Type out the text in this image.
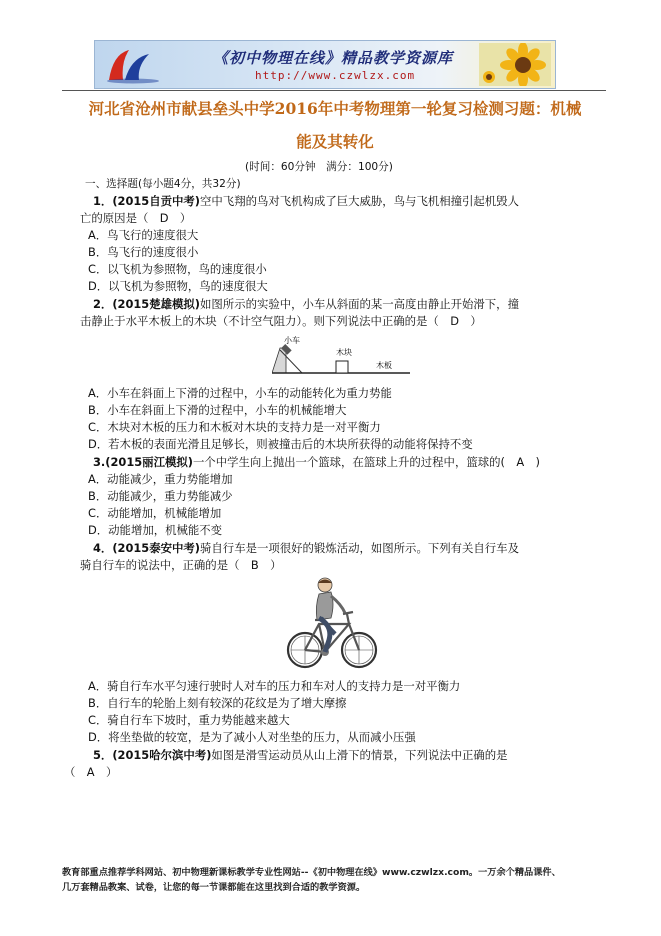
《初中物理在线》精品教学资源库
http://www.czwlzx.com
河北省沧州市献县垒头中学2016年中考物理第一轮复习检测习题：机械
能及其转化
(时间：60分钟　满分：100分)
一、选择题(每小题4分，共32分)
1．(2015自贡中考)空中飞翔的鸟对飞机构成了巨大威胁，鸟与飞机相撞引起机毁人
亡的原因是（　D　）
A．鸟飞行的速度很大
B．鸟飞行的速度很小
C．以飞机为参照物，鸟的速度很小
D．以飞机为参照物，鸟的速度很大
2．(2015楚雄模拟)如图所示的实验中，小车从斜面的某一高度由静止开始滑下，撞
击静止于水平木板上的木块（不计空气阻力）。则下列说法中正确的是（　D　）
小车
木块
木板
A．小车在斜面上下滑的过程中，小车的动能转化为重力势能
B．小车在斜面上下滑的过程中，小车的机械能增大
C．木块对木板的压力和木板对木块的支持力是一对平衡力
D．若木板的表面光滑且足够长，则被撞击后的木块所获得的动能将保持不变
3.(2015丽江模拟)一个中学生向上抛出一个篮球，在篮球上升的过程中，篮球的(　A　)
A．动能减少，重力势能增加
B．动能减少，重力势能减少
C．动能增加，机械能增加
D．动能增加，机械能不变
4．(2015泰安中考)骑自行车是一项很好的锻炼活动，如图所示。下列有关自行车及
骑自行车的说法中，正确的是（　B　）
A．骑自行车水平匀速行驶时人对车的压力和车对人的支持力是一对平衡力
B．自行车的轮胎上刻有较深的花纹是为了增大摩擦
C．骑自行车下坡时，重力势能越来越大
D．将坐垫做的较宽，是为了减小人对坐垫的压力，从而减小压强
5．(2015哈尔滨中考)如图是滑雪运动员从山上滑下的情景，下列说法中正确的是
（　A　）
教育部重点推荐学科网站、初中物理新课标教学专业性网站--《初中物理在线》www.czwlzx.com。一万余个精品课件、
几万套精品教案、试卷，让您的每一节课都能在这里找到合适的教学资源。
